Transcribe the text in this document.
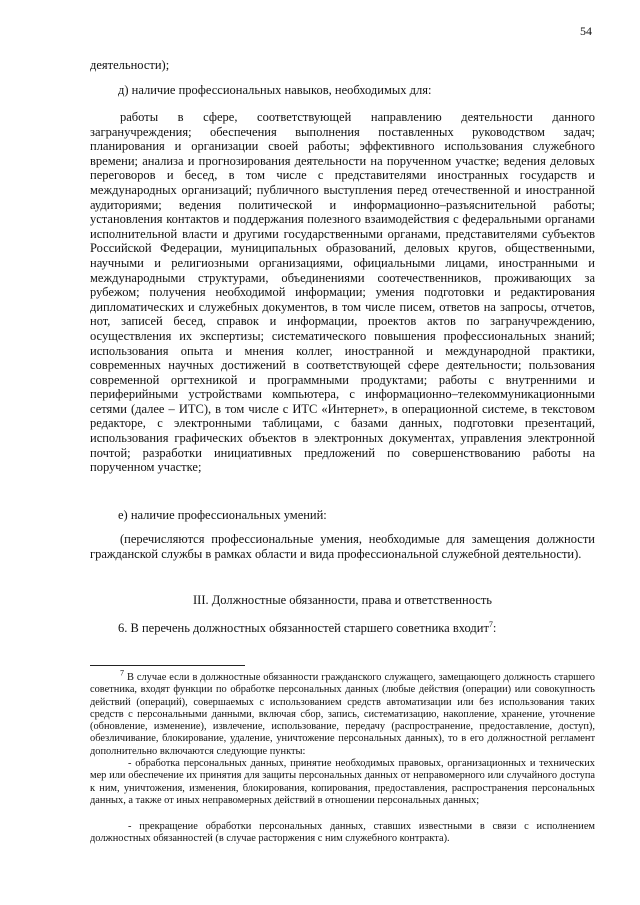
54

деятельности);

д) наличие профессиональных навыков, необходимых для:

работы в сфере, соответствующей направлению деятельности данного загранучреждения; обеспечения выполнения поставленных руководством задач; планирования и организации своей работы; эффективного использования служебного времени; анализа и прогнозирования деятельности на порученном участке; ведения деловых переговоров и бесед, в том числе с представителями иностранных государств и международных организаций; публичного выступления перед отечественной и иностранной аудиториями; ведения политической и информационно–разъяснительной работы; установления контактов и поддержания полезного взаимодействия с федеральными органами исполнительной власти и другими государственными органами, представителями субъектов Российской Федерации, муниципальных образований, деловых кругов, общественными, научными и религиозными организациями, официальными лицами, иностранными и международными структурами, объединениями соотечественников, проживающих за рубежом; получения необходимой информации; умения подготовки и редактирования дипломатических и служебных документов, в том числе писем, ответов на запросы, отчетов, нот, записей бесед, справок и информации, проектов актов по загранучреждению, осуществления их экспертизы; систематического повышения профессиональных знаний; использования опыта и мнения коллег, иностранной и международной практики, современных научных достижений в соответствующей сфере деятельности; пользования современной оргтехникой и программными продуктами; работы с внутренними и периферийными устройствами компьютера, с информационно–телекоммуникационными сетями (далее – ИТС), в том числе с ИТС «Интернет», в операционной системе, в текстовом редакторе, с электронными таблицами, с базами данных, подготовки презентаций, использования графических объектов в электронных документах, управления электронной почтой; разработки инициативных предложений по совершенствованию работы на порученном участке;

е) наличие профессиональных умений:

(перечисляются профессиональные умения, необходимые для замещения должности гражданской службы в рамках области и вида профессиональной служебной деятельности).

III. Должностные обязанности, права и ответственность

6. В перечень должностных обязанностей старшего советника входит$^7$:

$^7$ В случае если в должностные обязанности гражданского служащего, замещающего должность старшего советника, входят функции по обработке персональных данных (любые действия (операции) или совокупность действий (операций), совершаемых с использованием средств автоматизации или без использования таких средств с персональными данными, включая сбор, запись, систематизацию, накопление, хранение, уточнение (обновление, изменение), извлечение, использование, передачу (распространение, предоставление, доступ), обезличивание, блокирование, удаление, уничтожение персональных данных), то в его должностной регламент дополнительно включаются следующие пункты:

- обработка персональных данных, принятие необходимых правовых, организационных и технических мер или обеспечение их принятия для защиты персональных данных от неправомерного или случайного доступа к ним, уничтожения, изменения, блокирования, копирования, предоставления, распространения персональных данных, а также от иных неправомерных действий в отношении персональных данных;

- прекращение обработки персональных данных, ставших известными в связи с исполнением должностных обязанностей (в случае расторжения с ним служебного контракта).
